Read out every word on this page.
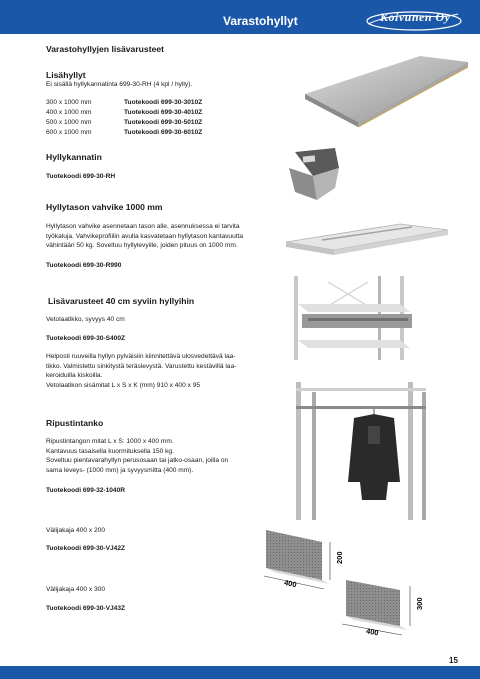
Varastohyllyt	Koivunen Oy
Varastohyllyjen lisävarusteet
Lisähyllyt
Ei sisällä hyllykannatinta 699-30-RH (4 kpl / hylly).
300 x 1000 mm	Tuotekoodi 699-30-3010Z
400 x 1000 mm	Tuotekoodi 699-30-4010Z
500 x 1000 mm	Tuotekoodi 699-30-5010Z
600 x 1000 mm	Tuotekoodi 699-30-6010Z
Hyllykannatin
Tuotekoodi 699-30-RH
Hyllytason vahvike 1000 mm
Hyllytason vahvike asennetaan tason alle, asennuksessa ei tarvita
työkaluja. Vahvikeprofiilin avulla kasvatetaan hyllytason kantavuutta
vähintään 50 kg. Soveltuu hyllylevyille, joiden pituus on 1000 mm.
Tuotekoodi 699-30-R990
Lisävarusteet 40 cm syviin hyllyihin
Vetolaatikko, syvyys 40 cm
Tuotekoodi 699-30-S400Z
Helposti ruuveilla hyllyn pylväisiin kiinnitettävä ulosvedettävä laa-
tikko. Valmistettu sinkitystä teräslevystä. Varustettu kestävillä laa-
keroiduilla kiskoilla.
Vetolaatikon sisämitat L x S x K (mm) 910 x 400 x 95
Ripustintanko
Ripustintangon mitat L x S: 1000 x 400 mm.
Kantavuus tasaisella kuormituksella 150 kg.
Soveltuu pientavarahyllyn perusosaan tai jatko-osaan, joilla on
sama leveys- (1000 mm) ja syvyysmitta (400 mm).
Tuotekoodi 699-32-1040R
Välijakaja 400 x 200
Tuotekoodi 699-30-VJ42Z
400
200
Välijakaja 400 x 300
Tuotekoodi 699-30-VJ43Z
400
300
15
